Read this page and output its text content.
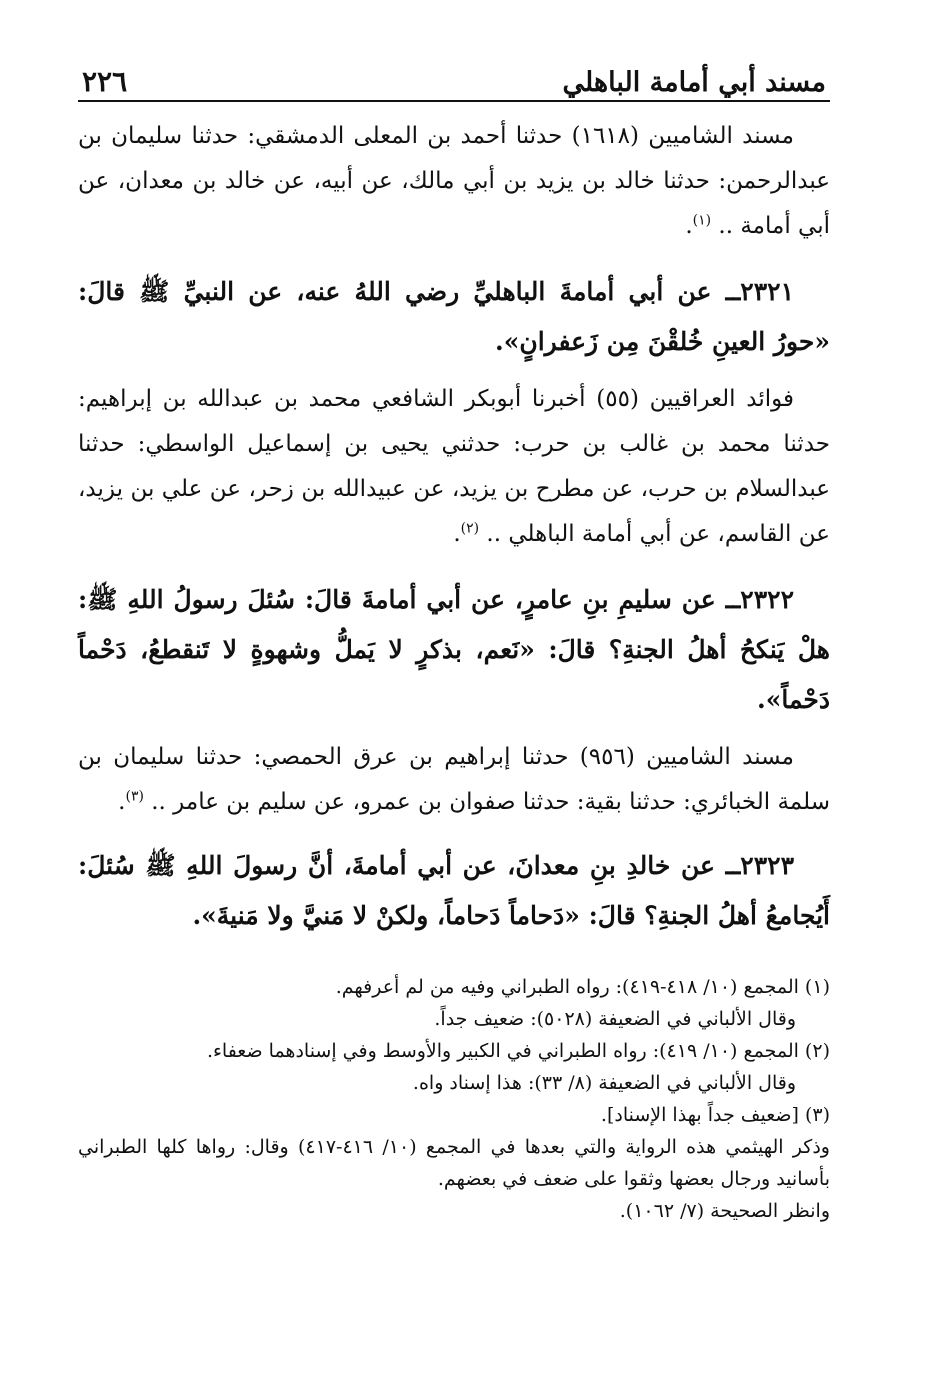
مسند أبي أمامة الباهلي
٢٢٦

مسند الشاميين (١٦١٨) حدثنا أحمد بن المعلى الدمشقي: حدثنا سليمان بن عبدالرحمن: حدثنا خالد بن يزيد بن أبي مالك، عن أبيه، عن خالد بن معدان، عن أبي أمامة .. $^{(١)}$.

٢٣٢١ــ عن أبي أمامةَ الباهليِّ رضي اللهُ عنه، عن النبيِّ ﷺ قالَ: «حورُ العينِ خُلقْنَ مِن زَعفرانٍ».

فوائد العراقيين (٥٥) أخبرنا أبوبكر الشافعي محمد بن عبدالله بن إبراهيم: حدثنا محمد بن غالب بن حرب: حدثني يحيى بن إسماعيل الواسطي: حدثنا عبدالسلام بن حرب، عن مطرح بن يزيد، عن عبيدالله بن زحر، عن علي بن يزيد، عن القاسم، عن أبي أمامة الباهلي .. $^{(٢)}$.

٢٣٢٢ــ عن سليمِ بنِ عامرٍ، عن أبي أمامةَ قالَ: سُئلَ رسولُ اللهِ ﷺ: هلْ يَنكحُ أهلُ الجنةِ؟ قالَ: «نَعم، بذكرٍ لا يَملُّ وشهوةٍ لا تَنقطعُ، دَحْماً دَحْماً».

مسند الشاميين (٩٥٦) حدثنا إبراهيم بن عرق الحمصي: حدثنا سليمان بن سلمة الخبائري: حدثنا بقية: حدثنا صفوان بن عمرو، عن سليم بن عامر .. $^{(٣)}$.

٢٣٢٣ــ عن خالدِ بنِ معدانَ، عن أبي أمامةَ، أنَّ رسولَ اللهِ ﷺ سُئلَ: أَيُجامعُ أهلُ الجنةِ؟ قالَ: «دَحاماً دَحاماً، ولكنْ لا مَنيَّ ولا مَنيةَ».

(١) المجمع (١٠/ ٤١٨-٤١٩): رواه الطبراني وفيه من لم أعرفهم.

وقال الألباني في الضعيفة (٥٠٢٨): ضعيف جداً.

(٢) المجمع (١٠/ ٤١٩): رواه الطبراني في الكبير والأوسط وفي إسنادهما ضعفاء.

وقال الألباني في الضعيفة (٨/ ٣٣): هذا إسناد واه.

(٣) [ضعيف جداً بهذا الإسناد].

وذكر الهيثمي هذه الرواية والتي بعدها في المجمع (١٠/ ٤١٦-٤١٧) وقال: رواها كلها الطبراني بأسانيد ورجال بعضها وثقوا على ضعف في بعضهم.

وانظر الصحيحة (٧/ ١٠٦٢).
